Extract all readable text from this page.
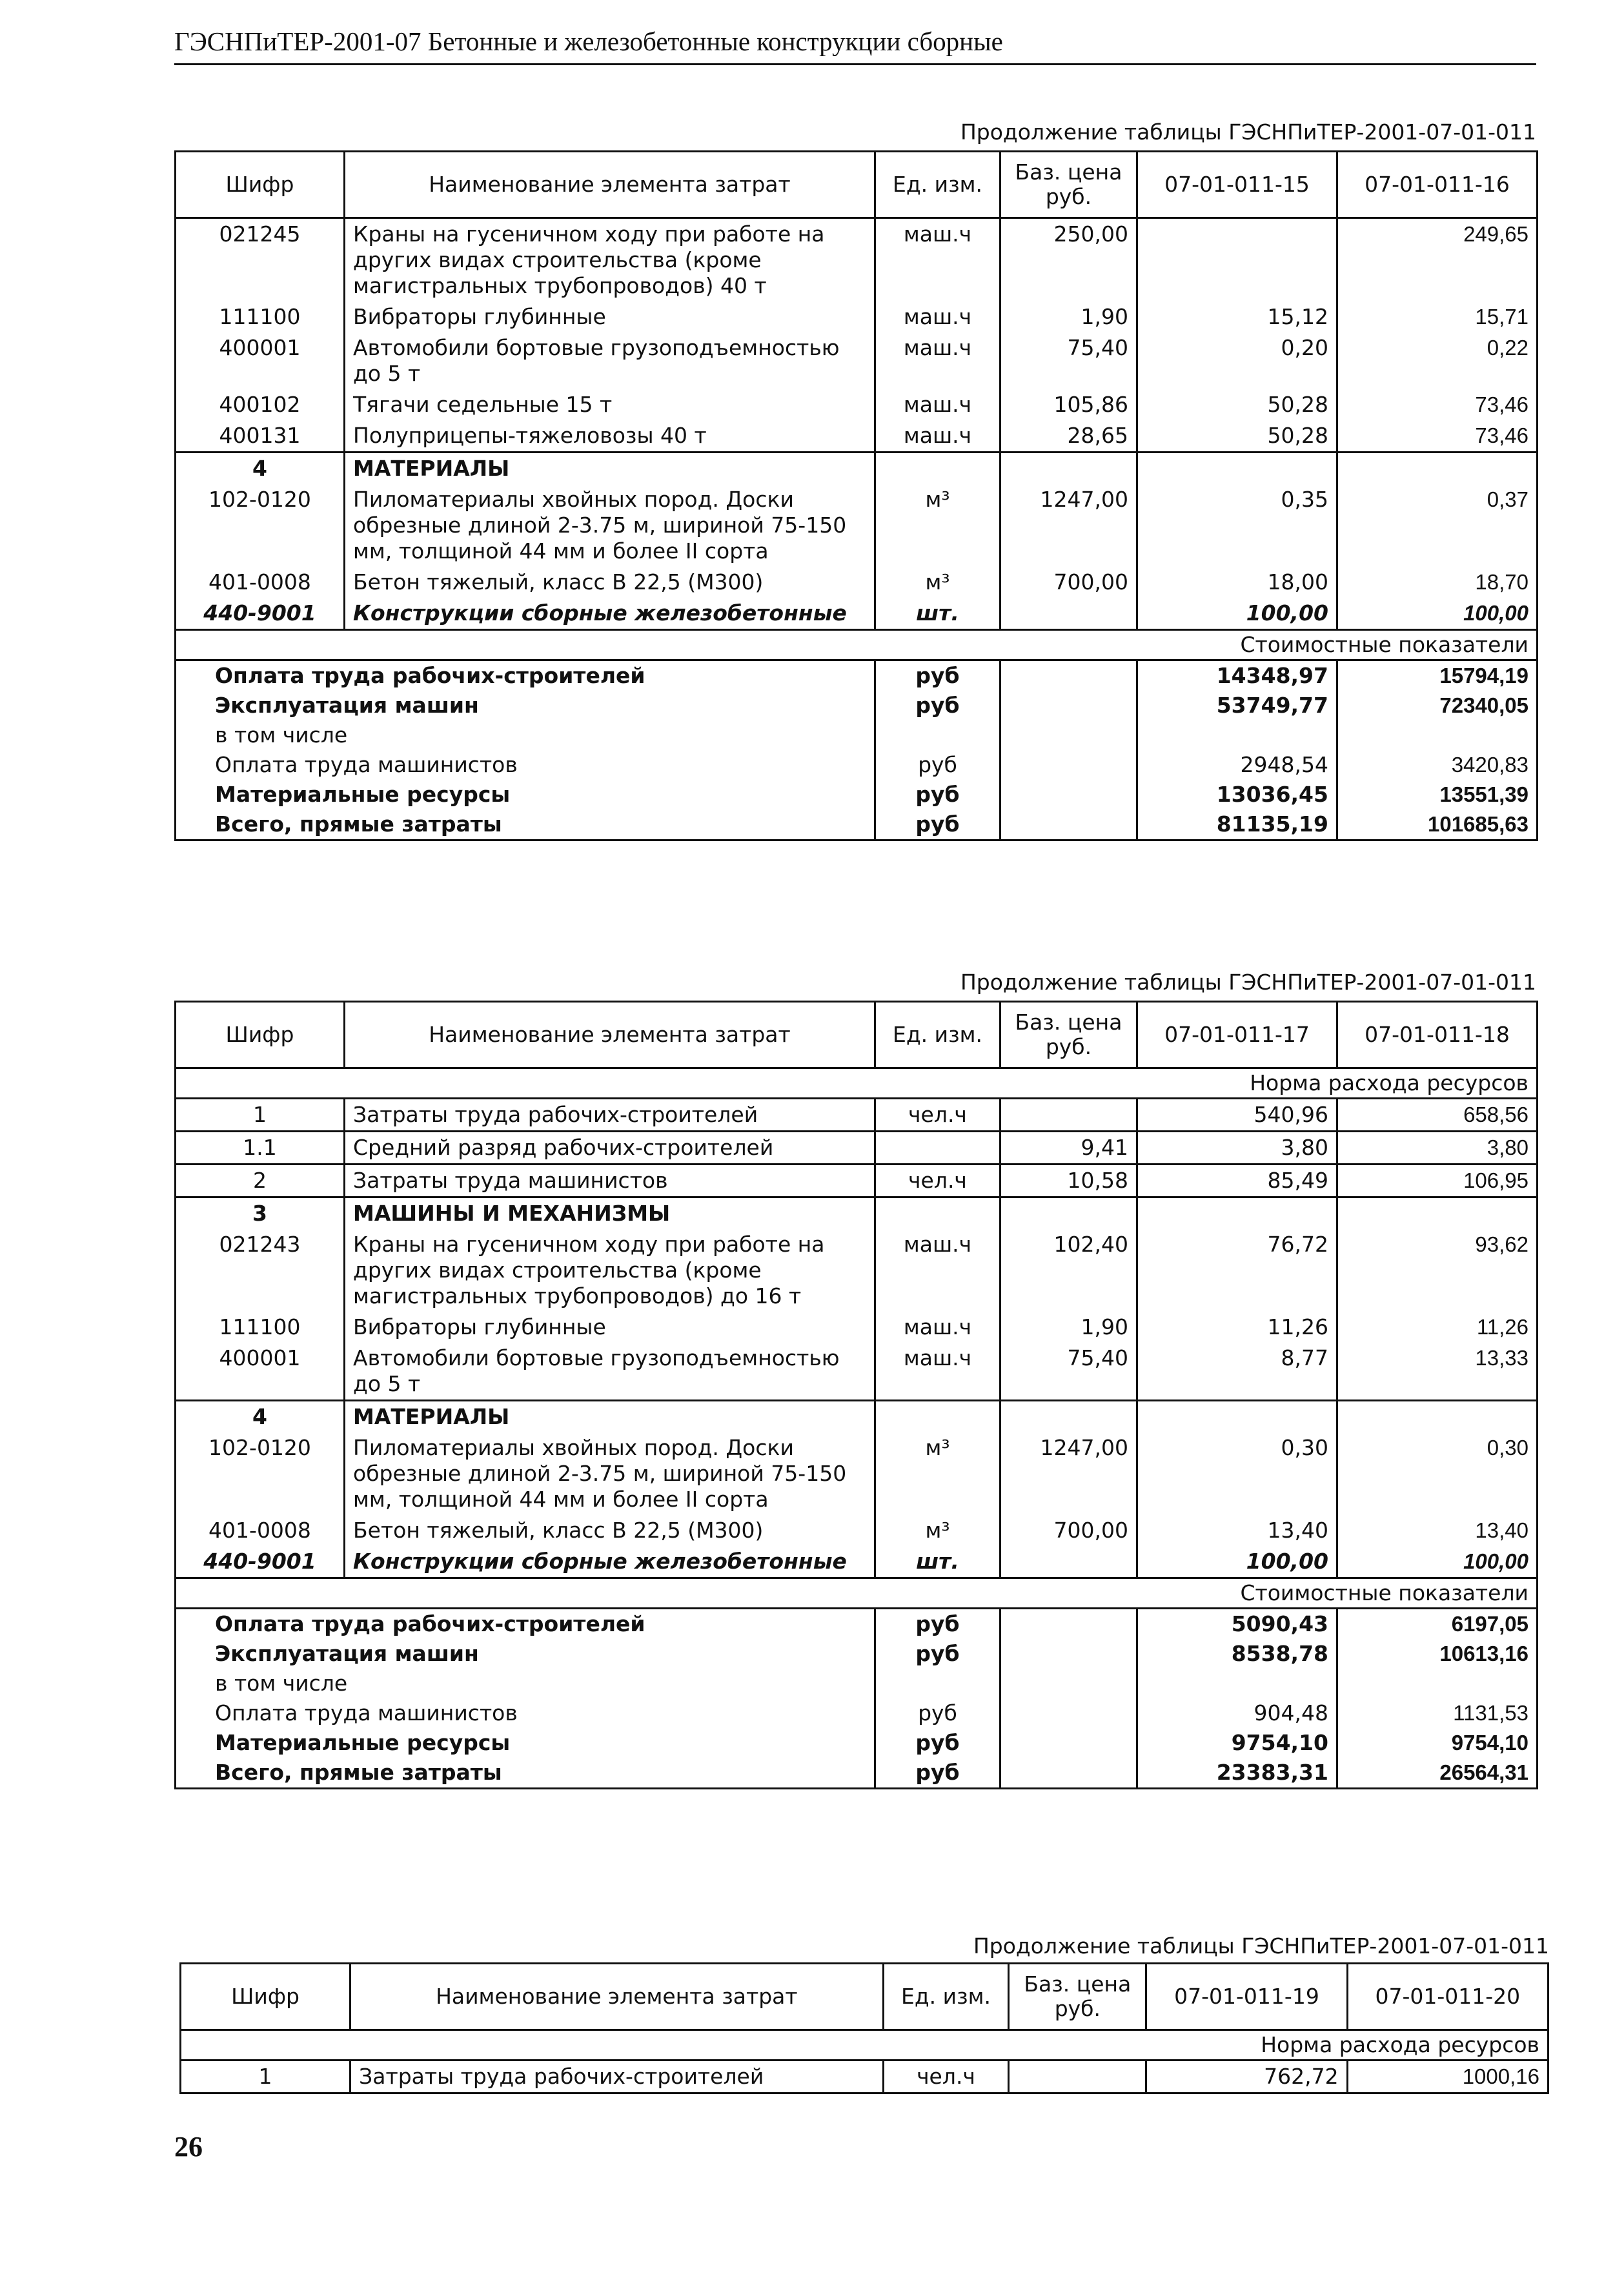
ГЭСНПиТЕР-2001-07 Бетонные и железобетонные конструкции сборные
Продолжение таблицы ГЭСНПиТЕР-2001-07-01-011
Шифр	Наименование элемента затрат	Ед. изм.	Баз. цена руб.	07-01-011-15	07-01-011-16
021245	Краны на гусеничном ходу при работе на других видах строительства (кроме магистральных трубопроводов) 40 т	маш.ч	250,00		249,65
111100	Вибраторы глубинные	маш.ч	1,90	15,12	15,71
400001	Автомобили бортовые грузоподъемностью до 5 т	маш.ч	75,40	0,20	0,22
400102	Тягачи седельные 15 т	маш.ч	105,86	50,28	73,46
400131	Полуприцепы-тяжеловозы 40 т	маш.ч	28,65	50,28	73,46
4	МАТЕРИАЛЫ				
102-0120	Пиломатериалы хвойных пород. Доски обрезные длиной 2-3.75 м, шириной 75-150 мм, толщиной 44 мм и более II сорта	м³	1247,00	0,35	0,37
401-0008	Бетон тяжелый, класс В 22,5 (М300)	м³	700,00	18,00	18,70
440-9001	Конструкции сборные железобетонные	шт.		100,00	100,00
Стоимостные показатели					
Оплата труда рабочих-строителей		руб		14348,97	15794,19
Эксплуатация машин		руб		53749,77	72340,05
в том числе					
Оплата труда машинистов		руб		2948,54	3420,83
Материальные ресурсы		руб		13036,45	13551,39
Всего, прямые затраты		руб		81135,19	101685,63
Продолжение таблицы ГЭСНПиТЕР-2001-07-01-011
Шифр	Наименование элемента затрат	Ед. изм.	Баз. цена руб.	07-01-011-17	07-01-011-18
Норма расхода ресурсов					
1	Затраты труда рабочих-строителей	чел.ч		540,96	658,56
1.1	Средний разряд рабочих-строителей		9,41	3,80	3,80
2	Затраты труда машинистов	чел.ч	10,58	85,49	106,95
3	МАШИНЫ И МЕХАНИЗМЫ				
021243	Краны на гусеничном ходу при работе на других видах строительства (кроме магистральных трубопроводов) до 16 т	маш.ч	102,40	76,72	93,62
111100	Вибраторы глубинные	маш.ч	1,90	11,26	11,26
400001	Автомобили бортовые грузоподъемностью до 5 т	маш.ч	75,40	8,77	13,33
4	МАТЕРИАЛЫ				
102-0120	Пиломатериалы хвойных пород. Доски обрезные длиной 2-3.75 м, шириной 75-150 мм, толщиной 44 мм и более II сорта	м³	1247,00	0,30	0,30
401-0008	Бетон тяжелый, класс В 22,5 (М300)	м³	700,00	13,40	13,40
440-9001	Конструкции сборные железобетонные	шт.		100,00	100,00
Стоимостные показатели					
Оплата труда рабочих-строителей		руб		5090,43	6197,05
Эксплуатация машин		руб		8538,78	10613,16
в том числе					
Оплата труда машинистов		руб		904,48	1131,53
Материальные ресурсы		руб		9754,10	9754,10
Всего, прямые затраты		руб		23383,31	26564,31
Продолжение таблицы ГЭСНПиТЕР-2001-07-01-011
Шифр	Наименование элемента затрат	Ед. изм.	Баз. цена руб.	07-01-011-19	07-01-011-20
Норма расхода ресурсов					
1	Затраты труда рабочих-строителей	чел.ч		762,72	1000,16
26
